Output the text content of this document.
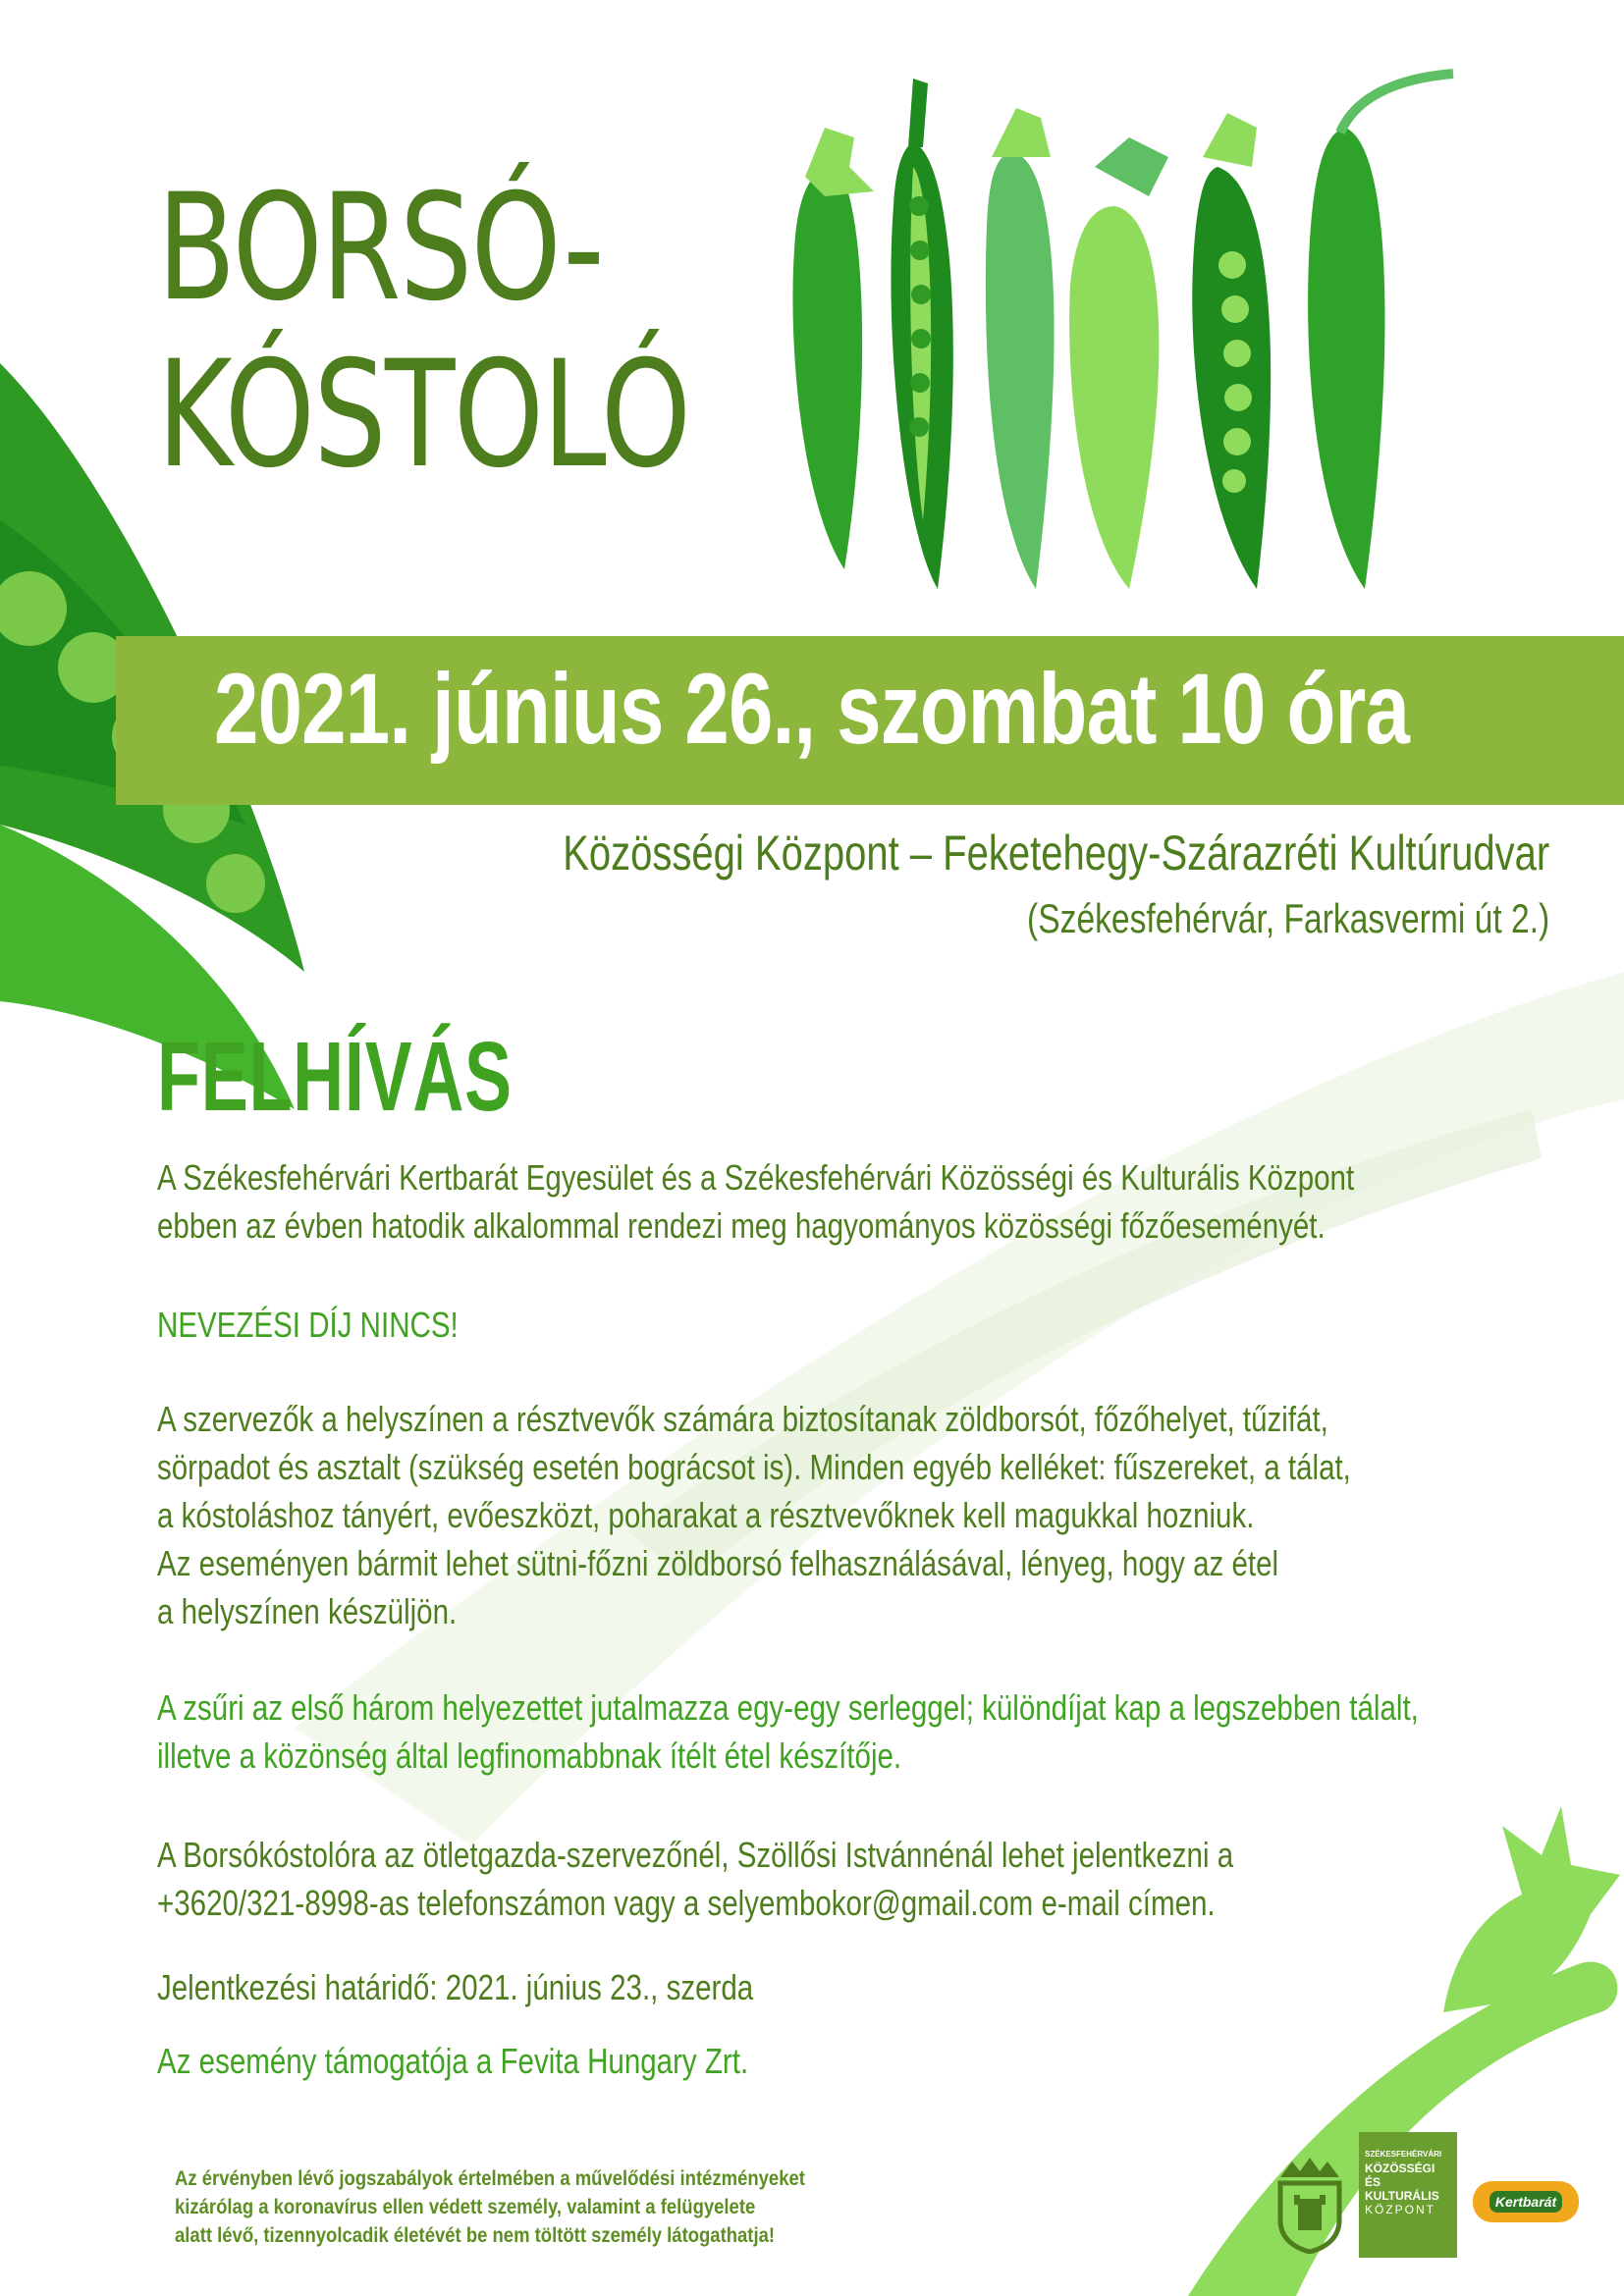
BORSÓ-
KÓSTOLÓ
2021. június 26., szombat 10 óra
Közösségi Központ – Feketehegy-Szárazréti Kultúrudvar
(Székesfehérvár, Farkasvermi út 2.)
FELHÍVÁS

A Székesfehérvári Kertbarát Egyesület és a Székesfehérvári Közösségi és Kulturális Központ
ebben az évben hatodik alkalommal rendezi meg hagyományos közösségi főzőeseményét.

NEVEZÉSI DÍJ NINCS!

A szervezők a helyszínen a résztvevők számára biztosítanak zöldborsót, főzőhelyet, tűzifát,
sörpadot és asztalt (szükség esetén bográcsot is). Minden egyéb kelléket: fűszereket, a tálat,
a kóstoláshoz tányért, evőeszközt, poharakat a résztvevőknek kell magukkal hozniuk.
Az eseményen bármit lehet sütni-főzni zöldborsó felhasználásával, lényeg, hogy az étel
a helyszínen készüljön.

A zsűri az első három helyezettet jutalmazza egy-egy serleggel; különdíjat kap a legszebben tálalt,
illetve a közönség által legfinomabbnak ítélt étel készítője.

A Borsókóstolóra az ötletgazda-szervezőnél, Szöllősi Istvánnénál lehet jelentkezni a
+3620/321-8998-as telefonszámon vagy a selyembokor@gmail.com e-mail címen.

Jelentkezési határidő: 2021. június 23., szerda

Az esemény támogatója a Fevita Hungary Zrt.

Az érvényben lévő jogszabályok értelmében a művelődési intézményeket
kizárólag a koronavírus ellen védett személy, valamint a felügyelete
alatt lévő, tizennyolcadik életévét be nem töltött személy látogathatja!

SZÉKESFEHÉRVÁRI
KÖZÖSSÉGI
ÉS KULTURÁLIS
KÖZPONT	Kertbarát
